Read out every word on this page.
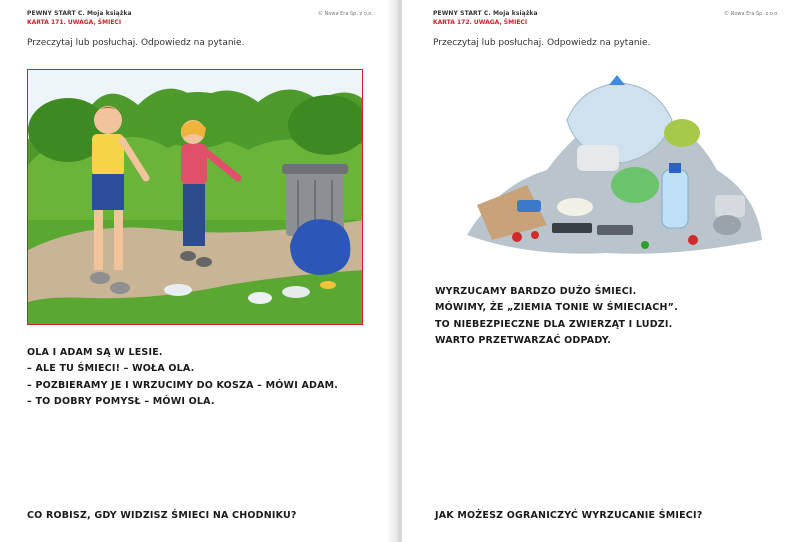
PEWNY START C. Moja książka
KARTA 171. UWAGA, ŚMIECI
© Nowa Era Sp. z o.o.
Przeczytaj lub posłuchaj. Odpowiedz na pytanie.
OLA I ADAM SĄ W LESIE.
– ALE TU ŚMIECI! – WOŁA OLA.
– POZBIERAMY JE I WRZUCIMY DO KOSZA – MÓWI ADAM.
– TO DOBRY POMYSŁ – MÓWI OLA.
CO ROBISZ, GDY WIDZISZ ŚMIECI NA CHODNIKU?
PEWNY START C. Moja książka
KARTA 172. UWAGA, ŚMIECI
© Nowa Era Sp. z o.o.
Przeczytaj lub posłuchaj. Odpowiedz na pytanie.
WYRZUCAMY BARDZO DUŻO ŚMIECI.
MÓWIMY, ŻE „ZIEMIA TONIE W ŚMIECIACH”.
TO NIEBEZPIECZNE DLA ZWIERZĄT I LUDZI.
WARTO PRZETWARZAĆ ODPADY.
JAK MOŻESZ OGRANICZYĆ WYRZUCANIE ŚMIECI?
